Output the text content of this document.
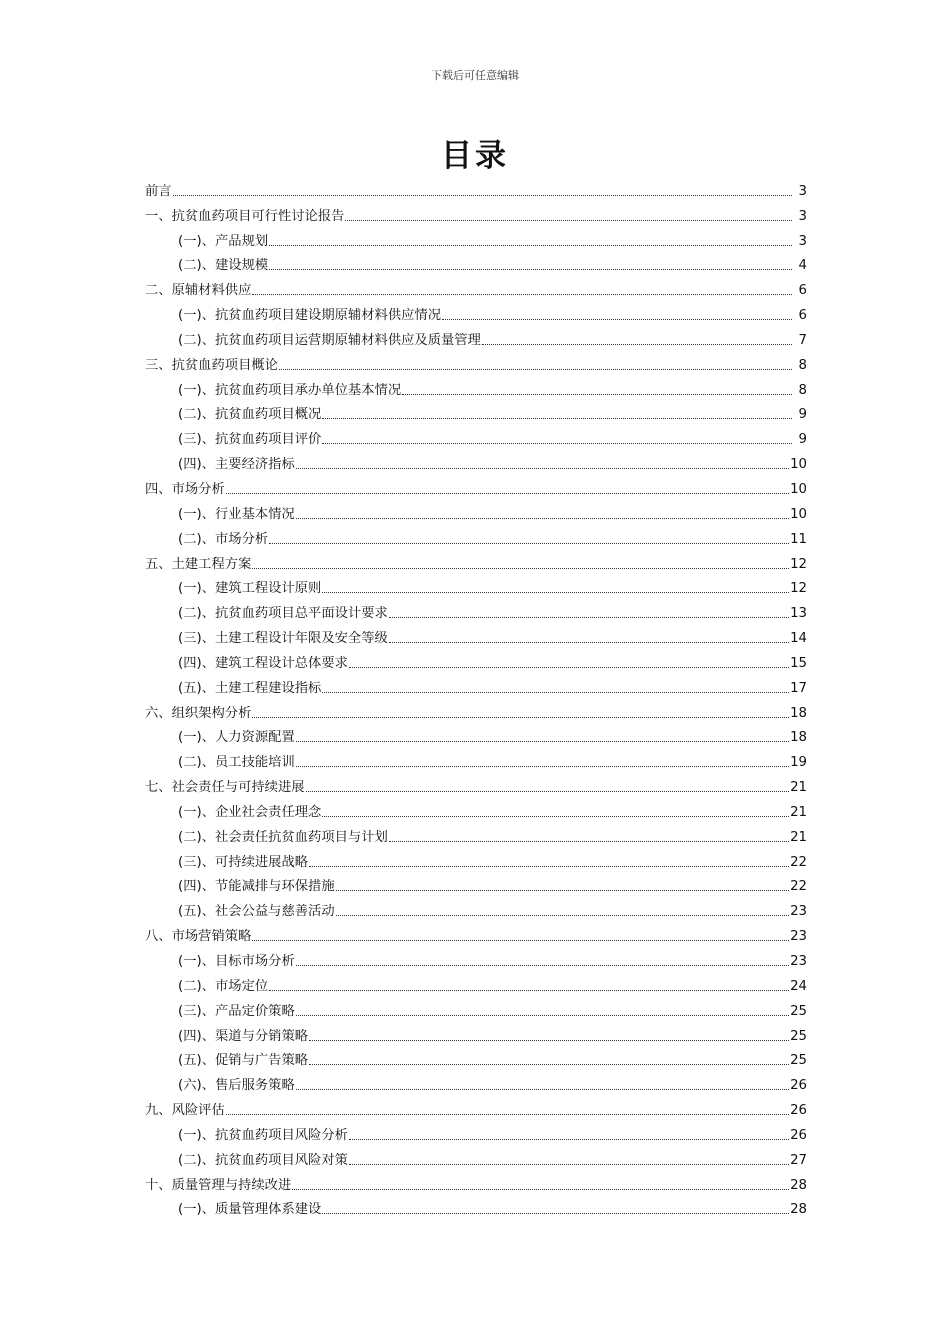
下载后可任意编辑
目录
前言	3
一、抗贫血药项目可行性讨论报告	3
(一)、产品规划	3
(二)、建设规模	4
二、原辅材料供应	6
(一)、抗贫血药项目建设期原辅材料供应情况	6
(二)、抗贫血药项目运营期原辅材料供应及质量管理	7
三、抗贫血药项目概论	8
(一)、抗贫血药项目承办单位基本情况	8
(二)、抗贫血药项目概况	9
(三)、抗贫血药项目评价	9
(四)、主要经济指标	10
四、市场分析	10
(一)、行业基本情况	10
(二)、市场分析	11
五、土建工程方案	12
(一)、建筑工程设计原则	12
(二)、抗贫血药项目总平面设计要求	13
(三)、土建工程设计年限及安全等级	14
(四)、建筑工程设计总体要求	15
(五)、土建工程建设指标	17
六、组织架构分析	18
(一)、人力资源配置	18
(二)、员工技能培训	19
七、社会责任与可持续进展	21
(一)、企业社会责任理念	21
(二)、社会责任抗贫血药项目与计划	21
(三)、可持续进展战略	22
(四)、节能减排与环保措施	22
(五)、社会公益与慈善活动	23
八、市场营销策略	23
(一)、目标市场分析	23
(二)、市场定位	24
(三)、产品定价策略	25
(四)、渠道与分销策略	25
(五)、促销与广告策略	25
(六)、售后服务策略	26
九、风险评估	26
(一)、抗贫血药项目风险分析	26
(二)、抗贫血药项目风险对策	27
十、质量管理与持续改进	28
(一)、质量管理体系建设	28
